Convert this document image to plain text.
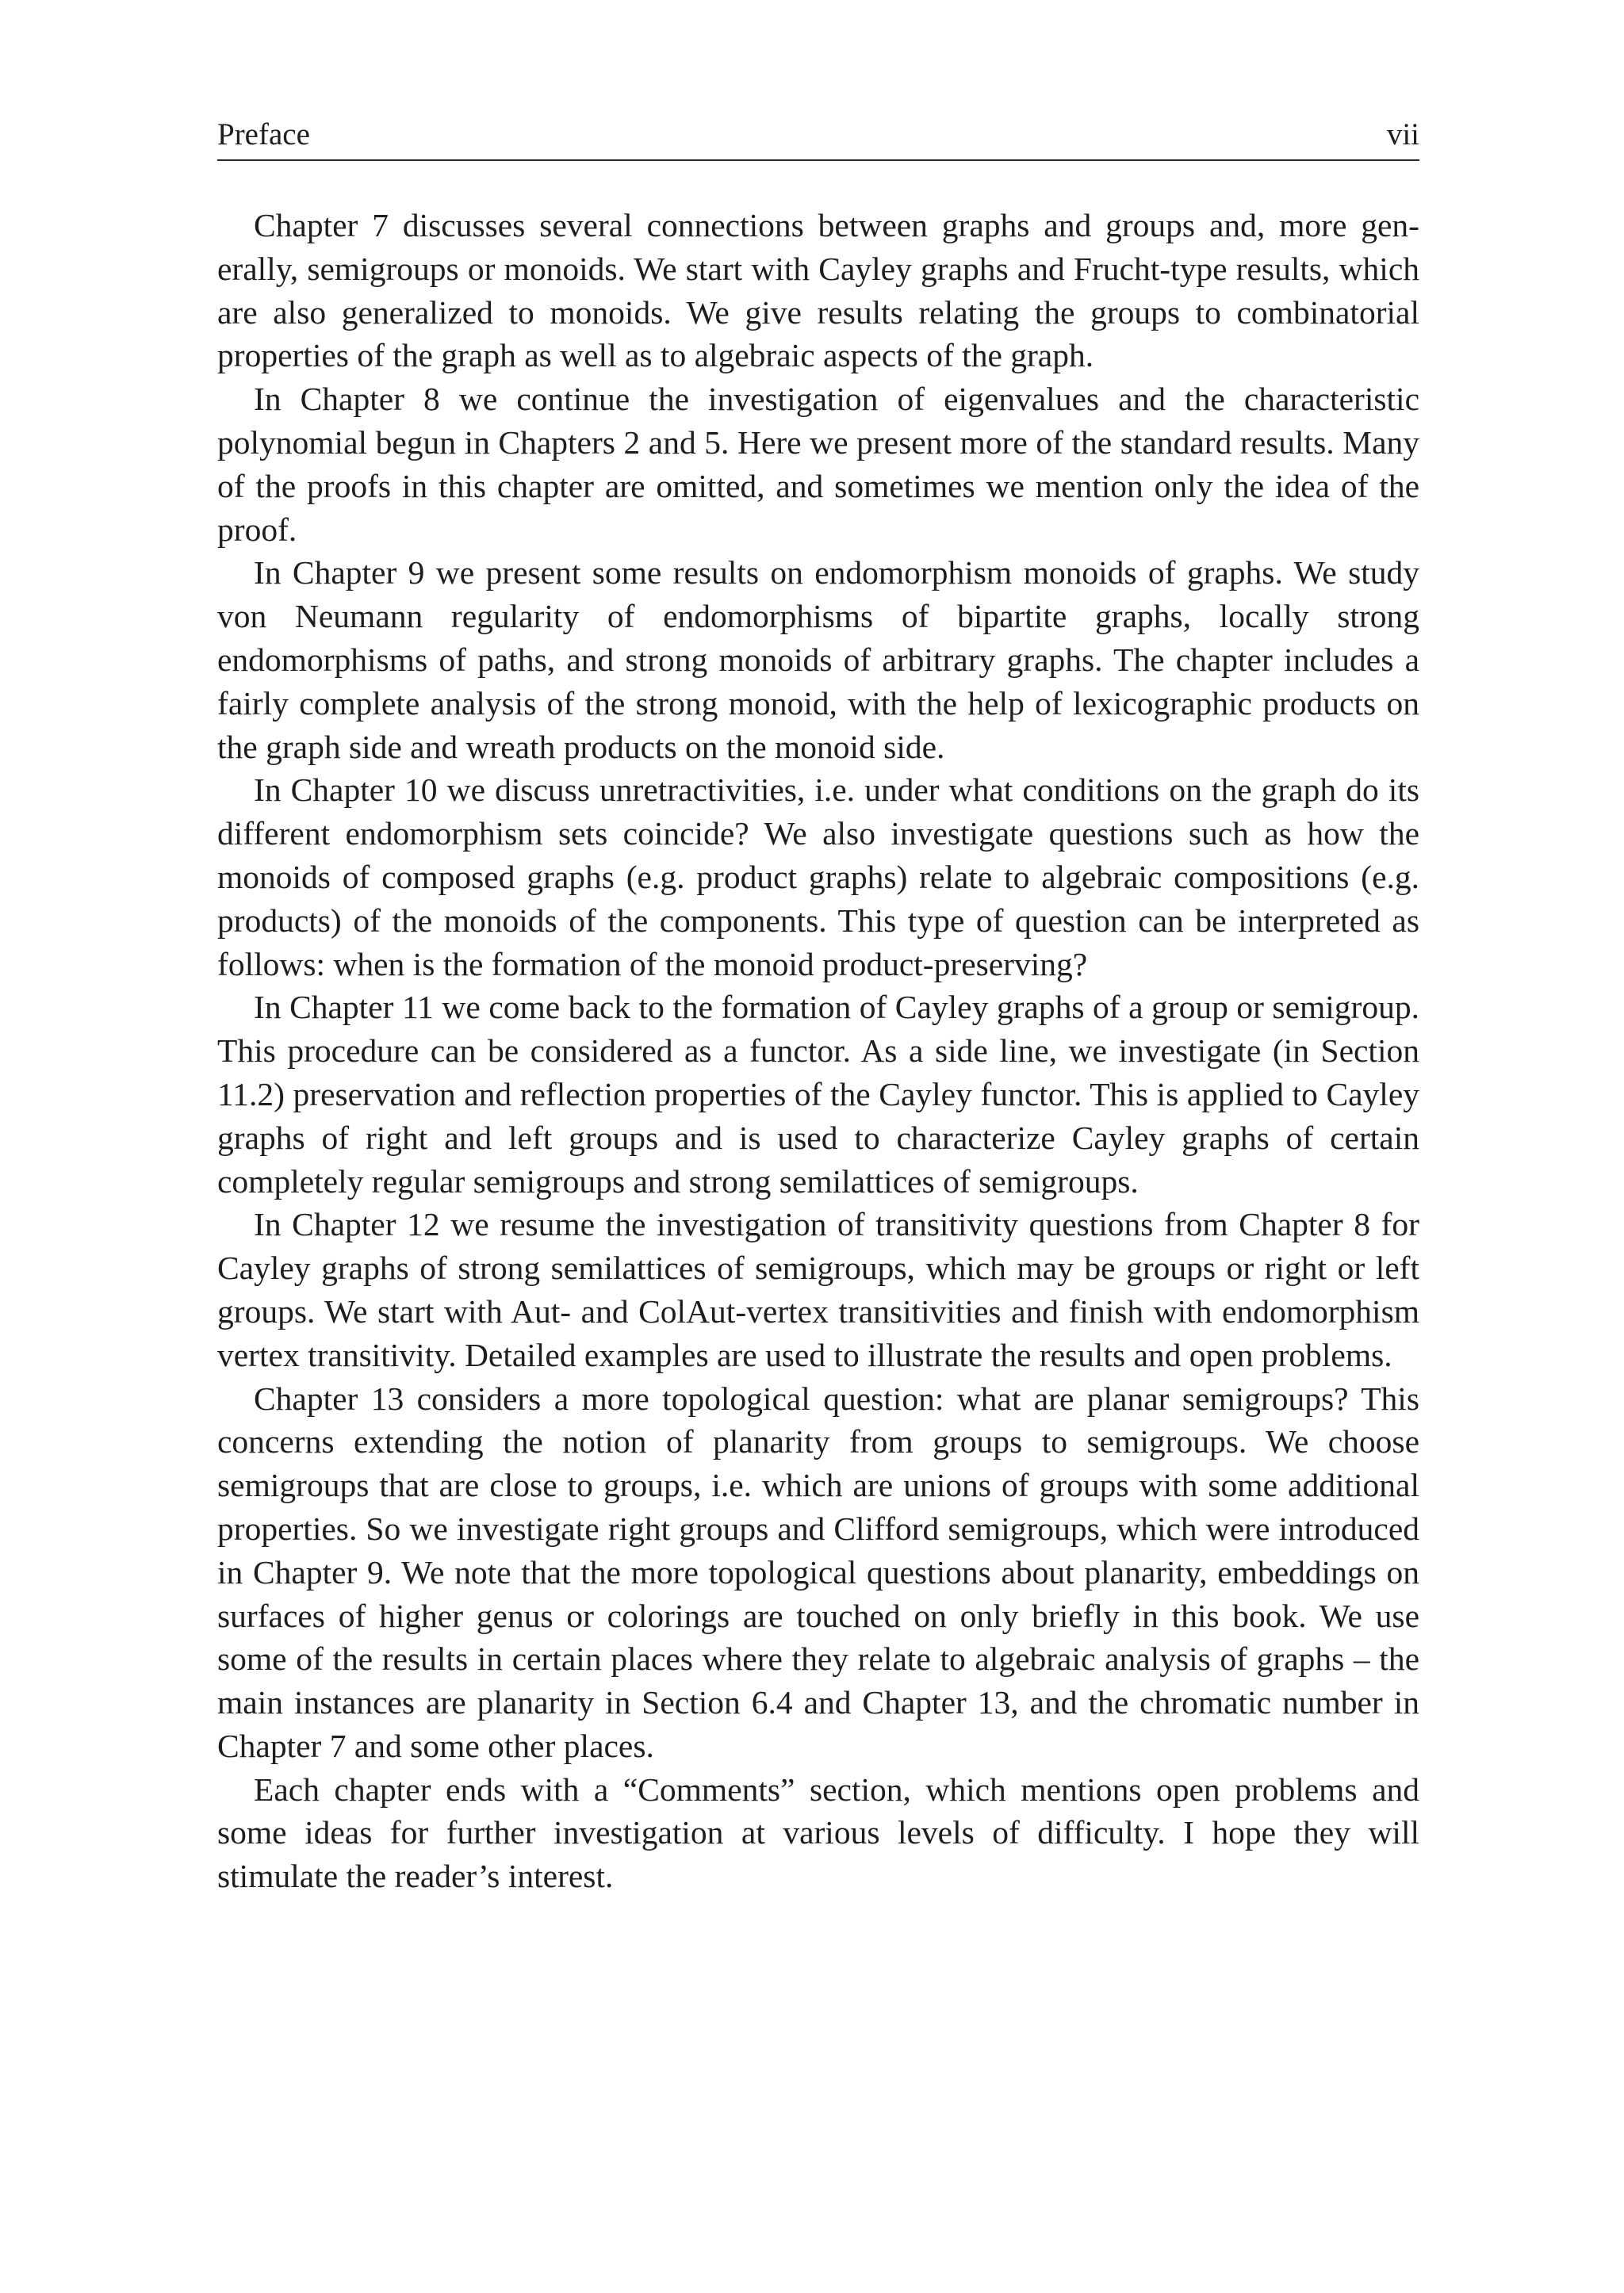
Preface	vii

Chapter 7 discusses several connections between graphs and groups and, more generally, semigroups or monoids. We start with Cayley graphs and Frucht-type results, which are also generalized to monoids. We give results relating the groups to combinatorial properties of the graph as well as to algebraic aspects of the graph.

In Chapter 8 we continue the investigation of eigenvalues and the characteristic polynomial begun in Chapters 2 and 5. Here we present more of the standard results. Many of the proofs in this chapter are omitted, and sometimes we mention only the idea of the proof.

In Chapter 9 we present some results on endomorphism monoids of graphs. We study von Neumann regularity of endomorphisms of bipartite graphs, locally strong endomorphisms of paths, and strong monoids of arbitrary graphs. The chapter includes a fairly complete analysis of the strong monoid, with the help of lexicographic products on the graph side and wreath products on the monoid side.

In Chapter 10 we discuss unretractivities, i.e. under what conditions on the graph do its different endomorphism sets coincide? We also investigate questions such as how the monoids of composed graphs (e.g. product graphs) relate to algebraic compositions (e.g. products) of the monoids of the components. This type of question can be interpreted as follows: when is the formation of the monoid product-preserving?

In Chapter 11 we come back to the formation of Cayley graphs of a group or semigroup. This procedure can be considered as a functor. As a side line, we investigate (in Section 11.2) preservation and reflection properties of the Cayley functor. This is applied to Cayley graphs of right and left groups and is used to characterize Cayley graphs of certain completely regular semigroups and strong semilattices of semigroups.

In Chapter 12 we resume the investigation of transitivity questions from Chapter 8 for Cayley graphs of strong semilattices of semigroups, which may be groups or right or left groups. We start with Aut- and ColAut-vertex transitivities and finish with endomorphism vertex transitivity. Detailed examples are used to illustrate the results and open problems.

Chapter 13 considers a more topological question: what are planar semigroups? This concerns extending the notion of planarity from groups to semigroups. We choose semigroups that are close to groups, i.e. which are unions of groups with some additional properties. So we investigate right groups and Clifford semigroups, which were introduced in Chapter 9. We note that the more topological questions about planarity, embeddings on surfaces of higher genus or colorings are touched on only briefly in this book. We use some of the results in certain places where they relate to algebraic analysis of graphs – the main instances are planarity in Section 6.4 and Chapter 13, and the chromatic number in Chapter 7 and some other places.

Each chapter ends with a “Comments” section, which mentions open problems and some ideas for further investigation at various levels of difficulty. I hope they will stimulate the reader’s interest.
